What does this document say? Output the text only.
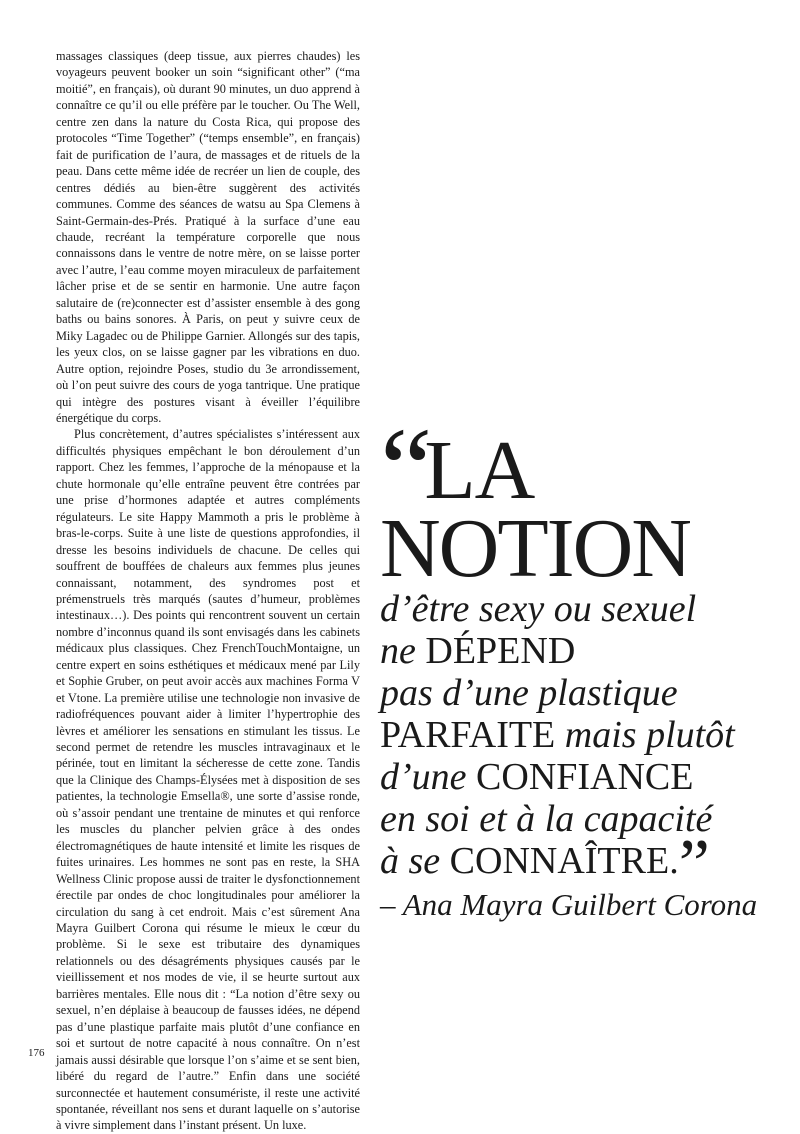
massages classiques (deep tissue, aux pierres chaudes) les voyageurs peuvent booker un soin “significant other” (“ma moitié”, en français), où durant 90 minutes, un duo apprend à connaître ce qu’il ou elle préfère par le toucher. Ou The Well, centre zen dans la nature du Costa Rica, qui propose des protocoles “Time Together” (“temps ensemble”, en français) fait de purification de l’aura, de massages et de rituels de la peau. Dans cette même idée de recréer un lien de couple, des centres dédiés au bien-être suggèrent des activités communes. Comme des séances de watsu au Spa Clemens à Saint-Germain-des-Prés. Pratiqué à la surface d’une eau chaude, recréant la température corporelle que nous connaissons dans le ventre de notre mère, on se laisse porter avec l’autre, l’eau comme moyen miraculeux de parfaitement lâcher prise et de se sentir en harmonie. Une autre façon salutaire de (re)connecter est d’assister ensemble à des gong baths ou bains sonores. À Paris, on peut y suivre ceux de Miky Lagadec ou de Philippe Garnier. Allongés sur des tapis, les yeux clos, on se laisse gagner par les vibrations en duo. Autre option, rejoindre Poses, studio du 3e arrondissement, où l’on peut suivre des cours de yoga tantrique. Une pratique qui intègre des postures visant à éveiller l’équilibre énergétique du corps.

Plus concrètement, d’autres spécialistes s’intéressent aux difficultés physiques empêchant le bon déroulement d’un rapport. Chez les femmes, l’approche de la ménopause et la chute hormonale qu’elle entraîne peuvent être contrées par une prise d’hormones adaptée et autres compléments régulateurs. Le site Happy Mammoth a pris le problème à bras-le-corps. Suite à une liste de questions approfondies, il dresse les besoins individuels de chacune. De celles qui souffrent de bouffées de chaleurs aux femmes plus jeunes connaissant, notamment, des syndromes post et prémenstruels très marqués (sautes d’humeur, problèmes intestinaux…). Des points qui rencontrent souvent un certain nombre d’inconnus quand ils sont envisagés dans les cabinets médicaux plus classiques. Chez FrenchTouchMontaigne, un centre expert en soins esthétiques et médicaux mené par Lily et Sophie Gruber, on peut avoir accès aux machines Forma V et Vtone. La première utilise une technologie non invasive de radiofréquences pouvant aider à limiter l’hypertrophie des lèvres et améliorer les sensations en stimulant les tissus. Le second permet de retendre les muscles intravaginaux et le périnée, tout en limitant la sécheresse de cette zone. Tandis que la Clinique des Champs-Élysées met à disposition de ses patientes, la technologie Emsella®, une sorte d’assise ronde, où s’assoir pendant une trentaine de minutes et qui renforce les muscles du plancher pelvien grâce à des ondes électromagnétiques de haute intensité et limite les risques de fuites urinaires. Les hommes ne sont pas en reste, la SHA Wellness Clinic propose aussi de traiter le dysfonctionnement érectile par ondes de choc longitudinales pour améliorer la circulation du sang à cet endroit. Mais c’est sûrement Ana Mayra Guilbert Corona qui résume le mieux le cœur du problème. Si le sexe est tributaire des dynamiques relationnels ou des désagréments physiques causés par le vieillissement et nos modes de vie, il se heurte surtout aux barrières mentales. Elle nous dit : “La notion d’être sexy ou sexuel, n’en déplaise à beaucoup de fausses idées, ne dépend pas d’une plastique parfaite mais plutôt d’une confiance en soi et surtout de notre capacité à nous connaître. On n’est jamais aussi désirable que lorsque l’on s’aime et se sent bien, libéré du regard de l’autre.” Enfin dans une société surconnectée et hautement consumériste, il reste une activité spontanée, réveillant nos sens et durant laquelle on s’autorise à vivre simplement dans l’instant présent. Un luxe.

“LA
NOTION
d’être sexy ou sexuel
ne DÉPEND
pas d’une plastique
PARFAITE mais plutôt
d’une CONFIANCE
en soi et à la capacité
à se CONNAÎTRE.”
– Ana Mayra Guilbert Corona
176
